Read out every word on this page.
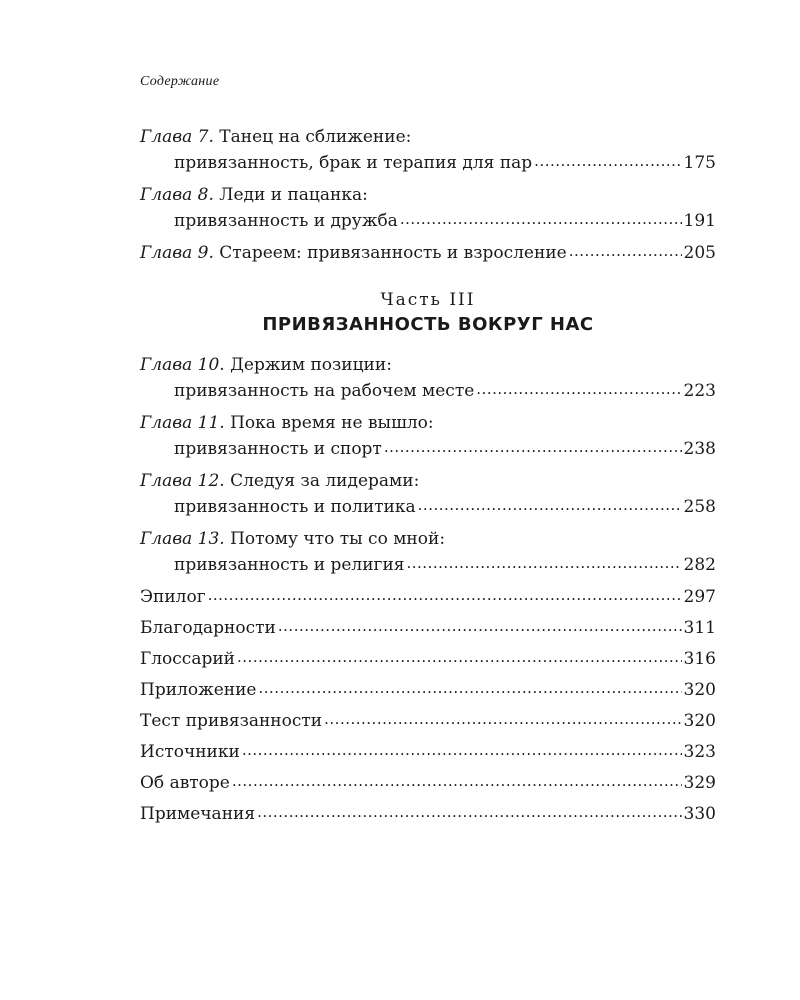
Содержание
Глава 7. Танец на сближение:
привязанность, брак и терапия для пар .....	175
Глава 8. Леди и пацанка:
привязанность и дружба .....	191
Глава 9. Стареем: привязанность и взросление .....	205
Часть III
ПРИВЯЗАННОСТЬ ВОКРУГ НАС
Глава 10. Держим позиции:
привязанность на рабочем месте .....	223
Глава 11. Пока время не вышло:
привязанность и спорт .....	238
Глава 12. Следуя за лидерами:
привязанность и политика .....	258
Глава 13. Потому что ты со мной:
привязанность и религия .....	282
Эпилог .....	297
Благодарности .....	311
Глоссарий .....	316
Приложение .....	320
Тест привязанности .....	320
Источники .....	323
Об авторе .....	329
Примечания .....	330
